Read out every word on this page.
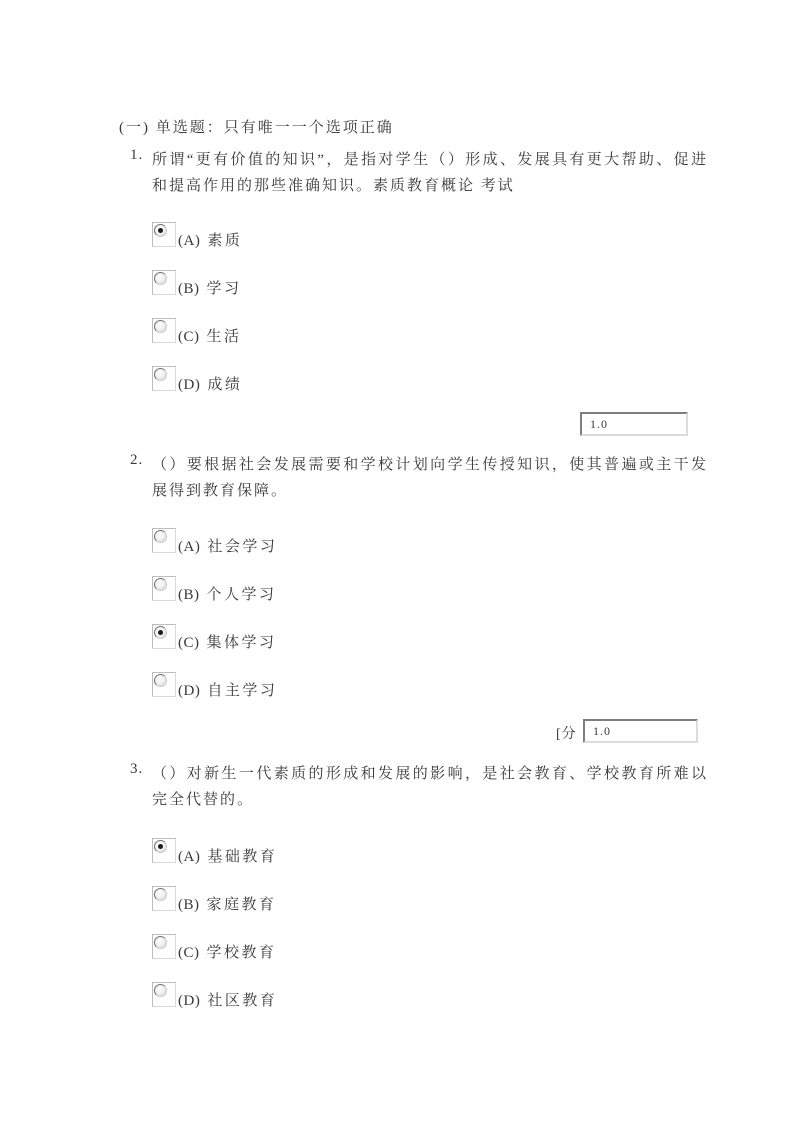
(一) 单选题：只有唯一一个选项正确
1. 所谓“更有价值的知识”，是指对学生（）形成、发展具有更大帮助、促进和提高作用的那些准确知识。素质教育概论 考试
(A) 素质
(B) 学习
(C) 生活
(D) 成绩
1.0
2. （）要根据社会发展需要和学校计划向学生传授知识，使其普遍或主干发展得到教育保障。
(A) 社会学习
(B) 个人学习
(C) 集体学习
(D) 自主学习
[分
1.0
3. （）对新生一代素质的形成和发展的影响，是社会教育、学校教育所难以完全代替的。
(A) 基础教育
(B) 家庭教育
(C) 学校教育
(D) 社区教育
